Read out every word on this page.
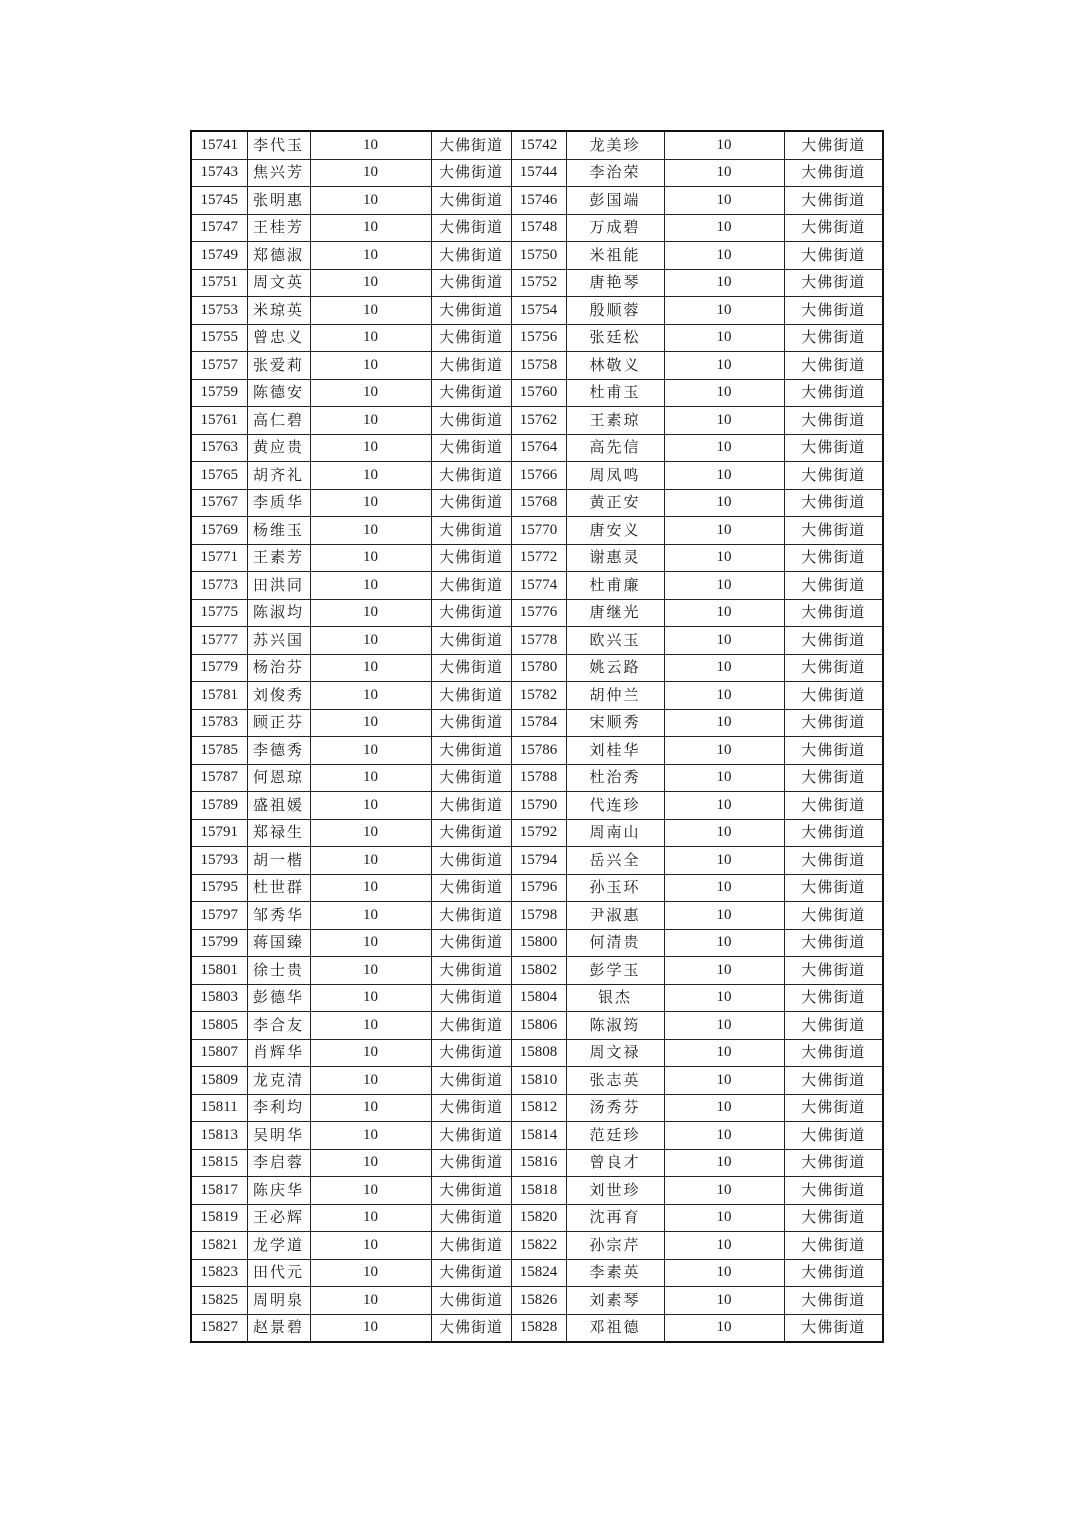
15741	李代玉	10	大佛街道	15742	龙美珍	10	大佛街道
15743	焦兴芳	10	大佛街道	15744	李治荣	10	大佛街道
15745	张明惠	10	大佛街道	15746	彭国端	10	大佛街道
15747	王桂芳	10	大佛街道	15748	万成碧	10	大佛街道
15749	郑德淑	10	大佛街道	15750	米祖能	10	大佛街道
15751	周文英	10	大佛街道	15752	唐艳琴	10	大佛街道
15753	米琼英	10	大佛街道	15754	殷顺蓉	10	大佛街道
15755	曾忠义	10	大佛街道	15756	张廷松	10	大佛街道
15757	张爱莉	10	大佛街道	15758	林敬义	10	大佛街道
15759	陈德安	10	大佛街道	15760	杜甫玉	10	大佛街道
15761	高仁碧	10	大佛街道	15762	王素琼	10	大佛街道
15763	黄应贵	10	大佛街道	15764	高先信	10	大佛街道
15765	胡齐礼	10	大佛街道	15766	周凤鸣	10	大佛街道
15767	李质华	10	大佛街道	15768	黄正安	10	大佛街道
15769	杨维玉	10	大佛街道	15770	唐安义	10	大佛街道
15771	王素芳	10	大佛街道	15772	谢惠灵	10	大佛街道
15773	田洪同	10	大佛街道	15774	杜甫廉	10	大佛街道
15775	陈淑均	10	大佛街道	15776	唐继光	10	大佛街道
15777	苏兴国	10	大佛街道	15778	欧兴玉	10	大佛街道
15779	杨治芬	10	大佛街道	15780	姚云路	10	大佛街道
15781	刘俊秀	10	大佛街道	15782	胡仲兰	10	大佛街道
15783	顾正芬	10	大佛街道	15784	宋顺秀	10	大佛街道
15785	李德秀	10	大佛街道	15786	刘桂华	10	大佛街道
15787	何恩琼	10	大佛街道	15788	杜治秀	10	大佛街道
15789	盛祖媛	10	大佛街道	15790	代连珍	10	大佛街道
15791	郑禄生	10	大佛街道	15792	周南山	10	大佛街道
15793	胡一楷	10	大佛街道	15794	岳兴全	10	大佛街道
15795	杜世群	10	大佛街道	15796	孙玉环	10	大佛街道
15797	邹秀华	10	大佛街道	15798	尹淑惠	10	大佛街道
15799	蒋国臻	10	大佛街道	15800	何清贵	10	大佛街道
15801	徐士贵	10	大佛街道	15802	彭学玉	10	大佛街道
15803	彭德华	10	大佛街道	15804	银杰	10	大佛街道
15805	李合友	10	大佛街道	15806	陈淑筠	10	大佛街道
15807	肖辉华	10	大佛街道	15808	周文禄	10	大佛街道
15809	龙克清	10	大佛街道	15810	张志英	10	大佛街道
15811	李利均	10	大佛街道	15812	汤秀芬	10	大佛街道
15813	吴明华	10	大佛街道	15814	范廷珍	10	大佛街道
15815	李启蓉	10	大佛街道	15816	曾良才	10	大佛街道
15817	陈庆华	10	大佛街道	15818	刘世珍	10	大佛街道
15819	王必辉	10	大佛街道	15820	沈再育	10	大佛街道
15821	龙学道	10	大佛街道	15822	孙宗芹	10	大佛街道
15823	田代元	10	大佛街道	15824	李素英	10	大佛街道
15825	周明泉	10	大佛街道	15826	刘素琴	10	大佛街道
15827	赵景碧	10	大佛街道	15828	邓祖德	10	大佛街道
